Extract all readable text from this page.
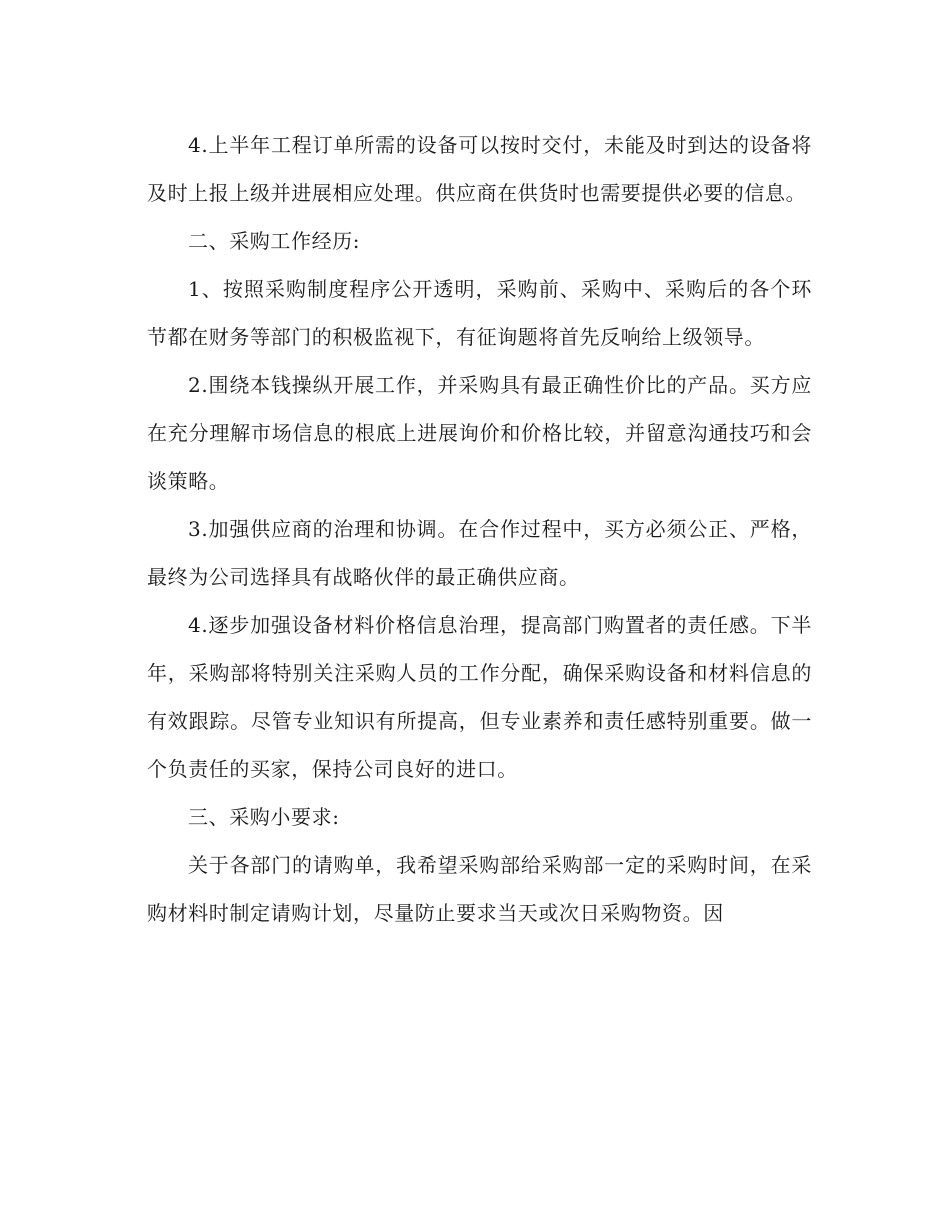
4.上半年工程订单所需的设备可以按时交付，未能及时到达的设备将及时上报上级并进展相应处理。供应商在供货时也需要提供必要的信息。

二、采购工作经历:

1、按照采购制度程序公开透明，采购前、采购中、采购后的各个环节都在财务等部门的积极监视下，有征询题将首先反响给上级领导。

2.围绕本钱操纵开展工作，并采购具有最正确性价比的产品。买方应在充分理解市场信息的根底上进展询价和价格比较，并留意沟通技巧和会谈策略。

3.加强供应商的治理和协调。在合作过程中，买方必须公正、严格，最终为公司选择具有战略伙伴的最正确供应商。

4.逐步加强设备材料价格信息治理，提高部门购置者的责任感。下半年，采购部将特别关注采购人员的工作分配，确保采购设备和材料信息的有效跟踪。尽管专业知识有所提高，但专业素养和责任感特别重要。做一个负责任的买家，保持公司良好的进口。

三、采购小要求:

关于各部门的请购单，我希望采购部给采购部一定的采购时间，在采购材料时制定请购计划，尽量防止要求当天或次日采购物资。因
